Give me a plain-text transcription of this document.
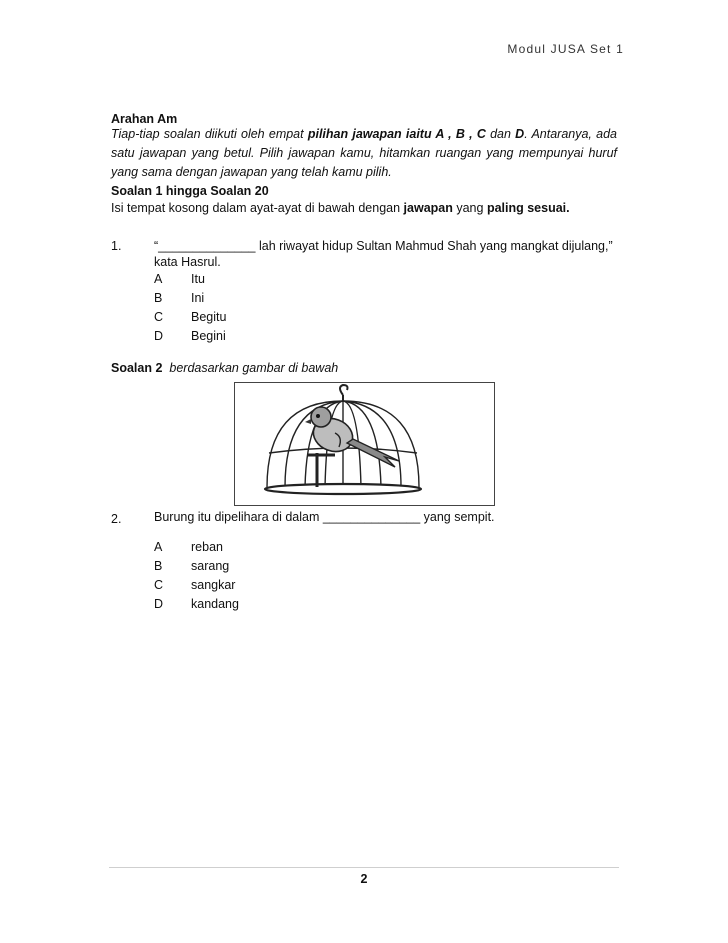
Modul JUSA Set 1
Arahan Am
Tiap-tiap soalan diikuti oleh empat pilihan jawapan iaitu A , B , C dan D. Antaranya, ada satu jawapan yang betul. Pilih jawapan kamu, hitamkan ruangan yang mempunyai huruf yang sama dengan jawapan yang telah kamu pilih.
Soalan 1 hingga Soalan 20
Isi tempat kosong dalam ayat-ayat di bawah dengan jawapan yang paling sesuai.
1.	“______________ lah riwayat hidup Sultan Mahmud Shah yang mangkat dijulang,”
kata Hasrul.
A Itu
B Ini
C Begitu
D Begini
Soalan 2 berdasarkan gambar di bawah
2.	Burung itu dipelihara di dalam ______________ yang sempit.
A reban
B sarang
C sangkar
D kandang
2
